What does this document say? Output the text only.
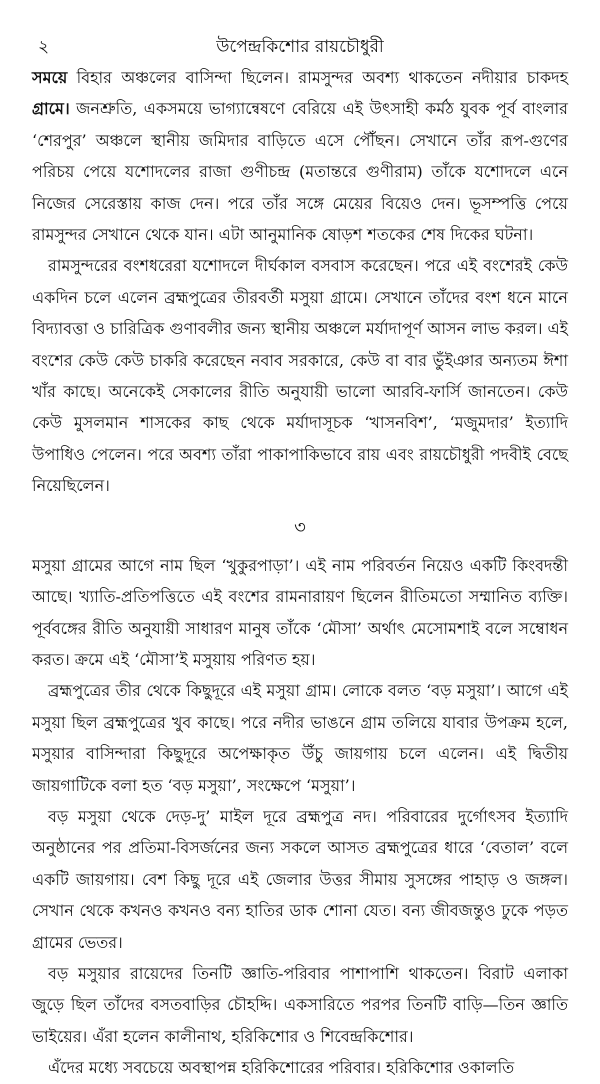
২	উপেন্দ্রকিশোর রায়চৌধুরী

সময়ে বিহার অঞ্চলের বাসিন্দা ছিলেন। রামসুন্দর অবশ্য থাকতেন নদীয়ার চাকদহ গ্রামে। জনশ্রুতি, একসময়ে ভাগ্যান্বেষণে বেরিয়ে এই উৎসাহী কর্মঠ যুবক পূর্ব বাংলার ‘শেরপুর’ অঞ্চলে স্থানীয় জমিদার বাড়িতে এসে পৌঁছন। সেখানে তাঁর রূপ-গুণের পরিচয় পেয়ে যশোদলের রাজা গুণীচন্দ্র (মতান্তরে গুণীরাম) তাঁকে যশোদলে এনে নিজের সেরেস্তায় কাজ দেন। পরে তাঁর সঙ্গে মেয়ের বিয়েও দেন। ভূসম্পত্তি পেয়ে রামসুন্দর সেখানে থেকে যান। এটা আনুমানিক ষোড়শ শতকের শেষ দিকের ঘটনা।

রামসুন্দরের বংশধরেরা যশোদলে দীর্ঘকাল বসবাস করেছেন। পরে এই বংশেরই কেউ একদিন চলে এলেন ব্রহ্মপুত্রের তীরবর্তী মসুয়া গ্রামে। সেখানে তাঁদের বংশ ধনে মানে বিদ্যাবত্তা ও চারিত্রিক গুণাবলীর জন্য স্থানীয় অঞ্চলে মর্যাদাপূর্ণ আসন লাভ করল। এই বংশের কেউ কেউ চাকরি করেছেন নবাব সরকারে, কেউ বা বার ভুঁইঞার অন্যতম ঈশা খাঁর কাছে। অনেকেই সেকালের রীতি অনুযায়ী ভালো আরবি-ফার্সি জানতেন। কেউ কেউ মুসলমান শাসকের কাছ থেকে মর্যাদাসূচক ‘খাসনবিশ’, ‘মজুমদার’ ইত্যাদি উপাধিও পেলেন। পরে অবশ্য তাঁরা পাকাপাকিভাবে রায় এবং রায়চৌধুরী পদবীই বেছে নিয়েছিলেন।

৩

মসুয়া গ্রামের আগে নাম ছিল ‘খুকুরপাড়া’। এই নাম পরিবর্তন নিয়েও একটি কিংবদন্তী আছে। খ্যাতি-প্রতিপত্তিতে এই বংশের রামনারায়ণ ছিলেন রীতিমতো সম্মানিত ব্যক্তি। পূর্ববঙ্গের রীতি অনুযায়ী সাধারণ মানুষ তাঁকে ‘মৌসা’ অর্থাৎ মেসোমশাই বলে সম্বোধন করত। ক্রমে এই ‘মৌসা’ই মসুয়ায় পরিণত হয়।

ব্রহ্মপুত্রের তীর থেকে কিছুদূরে এই মসুয়া গ্রাম। লোকে বলত ‘বড় মসুয়া’। আগে এই মসুয়া ছিল ব্রহ্মপুত্রের খুব কাছে। পরে নদীর ভাঙনে গ্রাম তলিয়ে যাবার উপক্রম হলে, মসুয়ার বাসিন্দারা কিছুদূরে অপেক্ষাকৃত উঁচু জায়গায় চলে এলেন। এই দ্বিতীয় জায়গাটিকে বলা হত ‘বড় মসুয়া’, সংক্ষেপে ‘মসুয়া’।

বড় মসুয়া থেকে দেড়-দু’ মাইল দূরে ব্রহ্মপুত্র নদ। পরিবারের দুর্গোৎসব ইত্যাদি অনুষ্ঠানের পর প্রতিমা-বিসর্জনের জন্য সকলে আসত ব্রহ্মপুত্রের ধারে ‘বেতাল’ বলে একটি জায়গায়। বেশ কিছু দূরে এই জেলার উত্তর সীমায় সুসঙ্গের পাহাড় ও জঙ্গল। সেখান থেকে কখনও কখনও বন্য হাতির ডাক শোনা যেত। বন্য জীবজন্তুও ঢুকে পড়ত গ্রামের ভেতর।

বড় মসুয়ার রায়েদের তিনটি জ্ঞাতি-পরিবার পাশাপাশি থাকতেন। বিরাট এলাকা জুড়ে ছিল তাঁদের বসতবাড়ির চৌহদ্দি। একসারিতে পরপর তিনটি বাড়ি—তিন জ্ঞাতি ভাইয়ের। এঁরা হলেন কালীনাথ, হরিকিশোর ও শিবেন্দ্রকিশোর।

এঁদের মধ্যে সবচেয়ে অবস্থাপন্ন হরিকিশোরের পরিবার। হরিকিশোর ওকালতি
